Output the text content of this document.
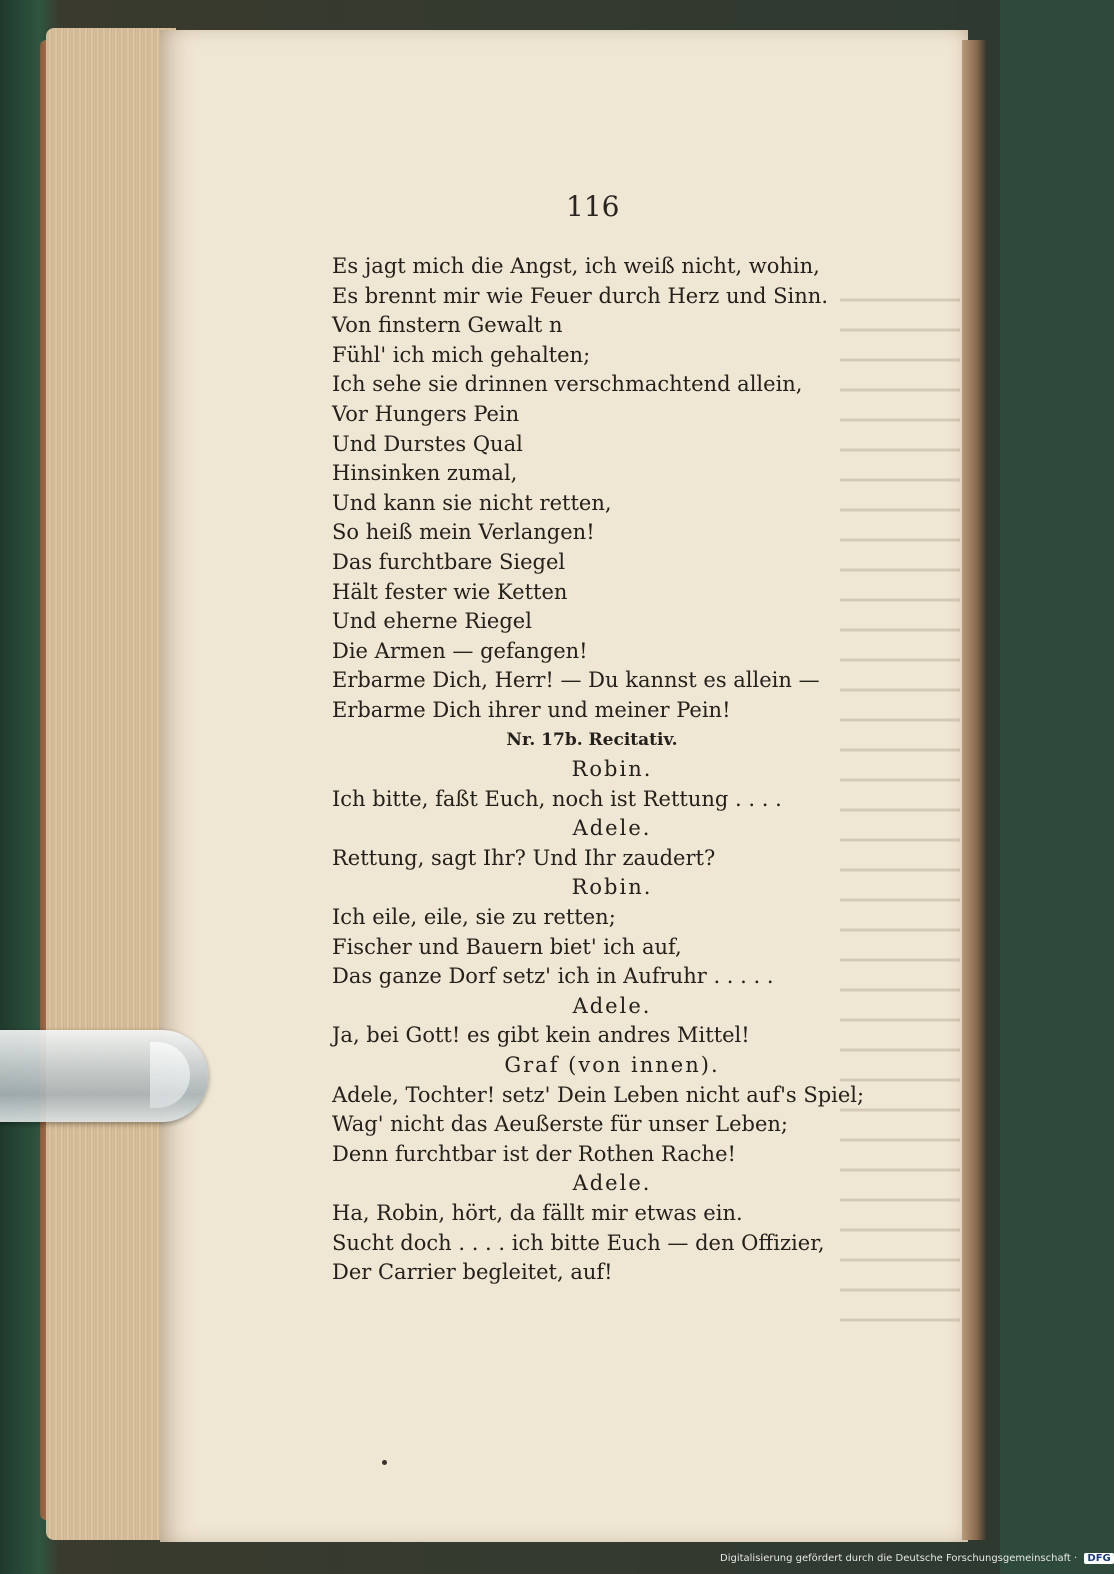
116
Es jagt mich die Angst, ich weiß nicht, wohin,
Es brennt mir wie Feuer durch Herz und Sinn.
Von finstern Gewalt n
Fühl' ich mich gehalten;
Ich sehe sie drinnen verschmachtend allein,
Vor Hungers Pein
Und Durstes Qual
Hinsinken zumal,
Und kann sie nicht retten,
So heiß mein Verlangen!
Das furchtbare Siegel
Hält fester wie Ketten
Und eherne Riegel
Die Armen — gefangen!
Erbarme Dich, Herr! — Du kannst es allein —
Erbarme Dich ihrer und meiner Pein!
Nr. 17b. Recitativ.
Robin.
Ich bitte, faßt Euch, noch ist Rettung . . . .
Adele.
Rettung, sagt Ihr? Und Ihr zaudert?
Robin.
Ich eile, eile, sie zu retten;
Fischer und Bauern biet' ich auf,
Das ganze Dorf setz' ich in Aufruhr . . . . .
Adele.
Ja, bei Gott! es gibt kein andres Mittel!
Graf (von innen).
Adele, Tochter! setz' Dein Leben nicht auf's Spiel;
Wag' nicht das Aeußerste für unser Leben;
Denn furchtbar ist der Rothen Rache!
Adele.
Ha, Robin, hört, da fällt mir etwas ein.
Sucht doch . . . . ich bitte Euch — den Offizier,
Der Carrier begleitet, auf!
Digitalisierung gefördert durch die Deutsche Forschungsgemeinschaft · DFG
